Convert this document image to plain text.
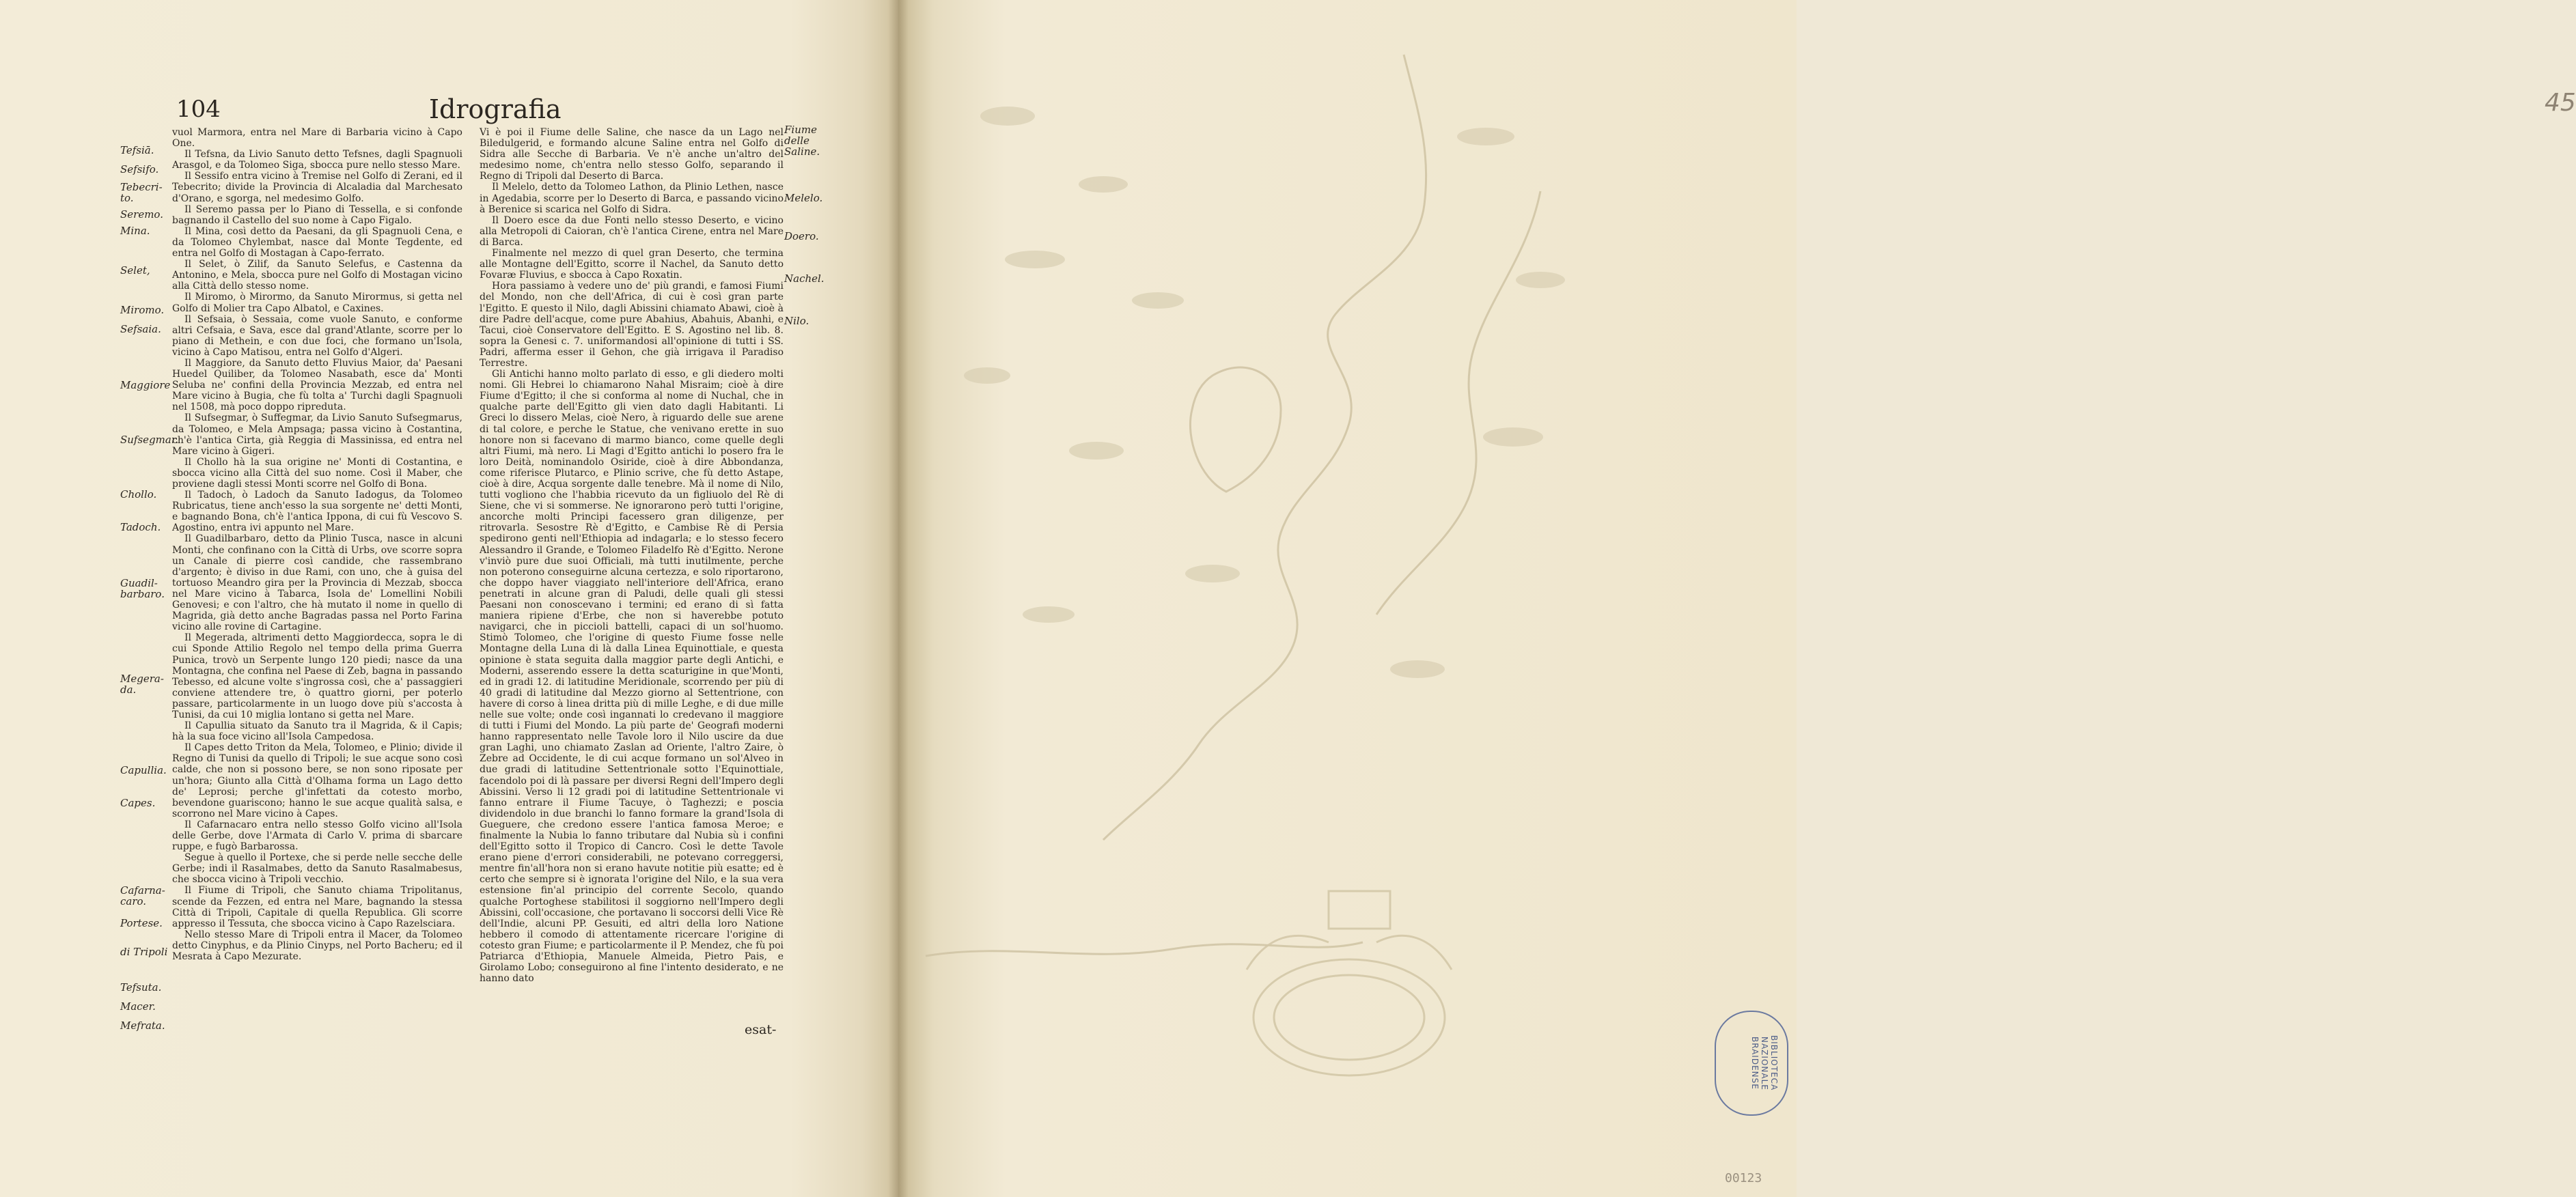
104	Idrografia
Tefsiā.
Sefsifo.
Tebecri-to.
Seremo.
Mina.
Selet,
Miromo.
Sefsaia.
Maggiore
Sufsegmar.
Chollo.
Tadoch.
Guadil-barbaro.
Megera-da.
Capullia.
Capes.
Cafarna-caro.
Portese.
di Tripoli
Tefsuta.
Macer.
Mefrata.

vuol Marmora, entra nel Mare di Barbaria vicino à Capo One.

Il Tefsna, da Livio Sanuto detto Tefsnes, dagli Spagnuoli Arasgol, e da Tolomeo Siga, sbocca pure nello stesso Mare.

Il Sessifo entra vicino à Tremise nel Golfo di Zerani, ed il Tebecrito; divide la Provincia di Alcaladia dal Marchesato d'Orano, e sgorga, nel medesimo Golfo.

Il Seremo passa per lo Piano di Tessella, e si confonde bagnando il Castello del suo nome à Capo Figalo.

Il Mina, così detto da Paesani, da gli Spagnuoli Cena, e da Tolomeo Chylembat, nasce dal Monte Tegdente, ed entra nel Golfo di Mostagan à Capo-ferrato.

Il Selet, ò Zilif, da Sanuto Selefus, e Castenna da Antonino, e Mela, sbocca pure nel Golfo di Mostagan vicino alla Città dello stesso nome.

Il Miromo, ò Mirormo, da Sanuto Mirormus, si getta nel Golfo di Molier tra Capo Albatol, e Caxines.

Il Sefsaia, ò Sessaia, come vuole Sanuto, e conforme altri Cefsaia, e Sava, esce dal grand'Atlante, scorre per lo piano di Methein, e con due foci, che formano un'Isola, vicino à Capo Matisou, entra nel Golfo d'Algeri.

Il Maggiore, da Sanuto detto Fluvius Maior, da' Paesani Huedel Quiliber, da Tolomeo Nasabath, esce da' Monti Seluba ne' confini della Provincia Mezzab, ed entra nel Mare vicino à Bugia, che fù tolta a' Turchi dagli Spagnuoli nel 1508, mà poco doppo ripreduta.

Il Sufsegmar, ò Suffegmar, da Livio Sanuto Sufsegmarus, da Tolomeo, e Mela Ampsaga; passa vicino à Costantina, ch'è l'antica Cirta, già Reggia di Massinissa, ed entra nel Mare vicino à Gigeri.

Il Chollo hà la sua origine ne' Monti di Costantina, e sbocca vicino alla Città del suo nome. Così il Maber, che proviene dagli stessi Monti scorre nel Golfo di Bona.

Il Tadoch, ò Ladoch da Sanuto Iadogus, da Tolomeo Rubricatus, tiene anch'esso la sua sorgente ne' detti Monti, e bagnando Bona, ch'è l'antica Ippona, di cui fù Vescovo S. Agostino, entra ivi appunto nel Mare.

Il Guadilbarbaro, detto da Plinio Tusca, nasce in alcuni Monti, che confinano con la Città di Urbs, ove scorre sopra un Canale di pierre così candide, che rassembrano d'argento; è diviso in due Rami, con uno, che à guisa del tortuoso Meandro gira per la Provincia di Mezzab, sbocca nel Mare vicino à Tabarca, Isola de' Lomellini Nobili Genovesi; e con l'altro, che hà mutato il nome in quello di Magrida, già detto anche Bagradas passa nel Porto Farina vicino alle rovine di Cartagine.

Il Megerada, altrimenti detto Maggiordecca, sopra le di cui Sponde Attilio Regolo nel tempo della prima Guerra Punica, trovò un Serpente lungo 120 piedi; nasce da una Montagna, che confina nel Paese di Zeb, bagna in passando Tebesso, ed alcune volte s'ingrossa così, che a' passaggieri conviene attendere tre, ò quattro giorni, per poterlo passare, particolarmente in un luogo dove più s'accosta à Tunisi, da cui 10 miglia lontano si getta nel Mare.

Il Capullia situato da Sanuto tra il Magrida, & il Capis; hà la sua foce vicino all'Isola Campedosa.

Il Capes detto Triton da Mela, Tolomeo, e Plinio; divide il Regno di Tunisi da quello di Tripoli; le sue acque sono così calde, che non si possono bere, se non sono riposate per un'hora; Giunto alla Città d'Olhama forma un Lago detto de' Leprosi; perche gl'infettati da cotesto morbo, bevendone guariscono; hanno le sue acque qualità salsa, e scorrono nel Mare vicino à Capes.

Il Cafarnacaro entra nello stesso Golfo vicino all'Isola delle Gerbe, dove l'Armata di Carlo V. prima di sbarcare ruppe, e fugò Barbarossa.

Segue à quello il Portexe, che si perde nelle secche delle Gerbe; indi il Rasalmabes, detto da Sanuto Rasalmabesus, che sbocca vicino à Tripoli vecchio.

Il Fiume di Tripoli, che Sanuto chiama Tripolitanus, scende da Fezzen, ed entra nel Mare, bagnando la stessa Città di Tripoli, Capitale di quella Republica. Gli scorre appresso il Tessuta, che sbocca vicino à Capo Razelsciara.

Nello stesso Mare di Tripoli entra il Macer, da Tolomeo detto Cinyphus, e da Plinio Cinyps, nel Porto Bacheru; ed il Mesrata à Capo Mezurate.

Fiume delle Saline.
Melelo.
Doero.
Nachel.
Nilo.

Vi è poi il Fiume delle Saline, che nasce da un Lago nel Biledulgerid, e formando alcune Saline entra nel Golfo di Sidra alle Secche di Barbaria. Ve n'è anche un'altro del medesimo nome, ch'entra nello stesso Golfo, separando il Regno di Tripoli dal Deserto di Barca.

Il Melelo, detto da Tolomeo Lathon, da Plinio Lethen, nasce in Agedabia, scorre per lo Deserto di Barca, e passando vicino à Berenice si scarica nel Golfo di Sidra.

Il Doero esce da due Fonti nello stesso Deserto, e vicino alla Metropoli di Caioran, ch'è l'antica Cirene, entra nel Mare di Barca.

Finalmente nel mezzo di quel gran Deserto, che termina alle Montagne dell'Egitto, scorre il Nachel, da Sanuto detto Fovaræ Fluvius, e sbocca à Capo Roxatin.

Hora passiamo à vedere uno de' più grandi, e famosi Fiumi del Mondo, non che dell'Africa, di cui è così gran parte l'Egitto. E questo il Nilo, dagli Abissini chiamato Abawi, cioè à dire Padre dell'acque, come pure Abahius, Abahuis, Abanhi, e Tacui, cioè Conservatore dell'Egitto. E S. Agostino nel lib. 8. sopra la Genesi c. 7. uniformandosi all'opinione di tutti i SS. Padri, afferma esser il Gehon, che già irrigava il Paradiso Terrestre.

Gli Antichi hanno molto parlato di esso, e gli diedero molti nomi. Gli Hebrei lo chiamarono Nahal Misraim; cioè à dire Fiume d'Egitto; il che si conforma al nome di Nuchal, che in qualche parte dell'Egitto gli vien dato dagli Habitanti. Li Greci lo dissero Melas, cioè Nero, à riguardo delle sue arene di tal colore, e perche le Statue, che venivano erette in suo honore non si facevano di marmo bianco, come quelle degli altri Fiumi, mà nero. Li Magi d'Egitto antichi lo posero fra le loro Deità, nominandolo Osiride, cioè à dire Abbondanza, come riferisce Plutarco, e Plinio scrive, che fù detto Astape, cioè à dire, Acqua sorgente dalle tenebre. Mà il nome di Nilo, tutti vogliono che l'habbia ricevuto da un figliuolo del Rè di Siene, che vi si sommerse. Ne ignorarono però tutti l'origine, ancorche molti Principi facessero gran diligenze, per ritrovarla. Sesostre Rè d'Egitto, e Cambise Rè di Persia spedirono genti nell'Ethiopia ad indagarla; e lo stesso fecero Alessandro il Grande, e Tolomeo Filadelfo Rè d'Egitto. Nerone v'inviò pure due suoi Officiali, mà tutti inutilmente, perche non poterono conseguirne alcuna certezza, e solo riportarono, che doppo haver viaggiato nell'interiore dell'Africa, erano penetrati in alcune gran di Paludi, delle quali gli stessi Paesani non conoscevano i termini; ed erano di sì fatta maniera ripiene d'Erbe, che non si haverebbe potuto navigarci, che in piccioli battelli, capaci di un sol'huomo. Stimò Tolomeo, che l'origine di questo Fiume fosse nelle Montagne della Luna di là dalla Linea Equinottiale, e questa opinione è stata seguita dalla maggior parte degli Antichi, e Moderni, asserendo essere la detta scaturigine in que'Monti, ed in gradi 12. di latitudine Meridionale, scorrendo per più di 40 gradi di latitudine dal Mezzo giorno al Settentrione, con havere di corso à linea dritta più di mille Leghe, e di due mille nelle sue volte; onde così ingannati lo credevano il maggiore di tutti i Fiumi del Mondo. La più parte de' Geografi moderni hanno rappresentato nelle Tavole loro il Nilo uscire da due gran Laghi, uno chiamato Zaslan ad Oriente, l'altro Zaire, ò Zebre ad Occidente, le di cui acque formano un sol'Alveo in due gradi di latitudine Settentrionale sotto l'Equinottiale, facendolo poi di là passare per diversi Regni dell'Impero degli Abissini. Verso li 12 gradi poi di latitudine Settentrionale vi fanno entrare il Fiume Tacuye, ò Taghezzi; e poscia dividendolo in due branchi lo fanno formare la grand'Isola di Gueguere, che credono essere l'antica famosa Meroe; e finalmente la Nubia lo fanno tributare dal Nubia sù i confini dell'Egitto sotto il Tropico di Cancro. Così le dette Tavole erano piene d'errori considerabili, ne potevano correggersi, mentre fin'all'hora non si erano havute notitie più esatte; ed è certo che sempre si è ignorata l'origine del Nilo, e la sua vera estensione fin'al principio del corrente Secolo, quando qualche Portoghese stabilitosi il soggiorno nell'Impero degli Abissini, coll'occasione, che portavano li soccorsi delli Vice Rè dell'Indie, alcuni PP. Gesuiti, ed altri della loro Natione hebbero il comodo di attentamente ricercare l'origine di cotesto gran Fiume; e particolarmente il P. Mendez, che fù poi Patriarca d'Ethiopia, Manuele Almeida, Pietro Pais, e Girolamo Lobo; conseguirono al fine l'intento desiderato, e ne hanno dato

esat-
45
BIBLIOTECA NAZIONALE BRAIDENSE
00123
